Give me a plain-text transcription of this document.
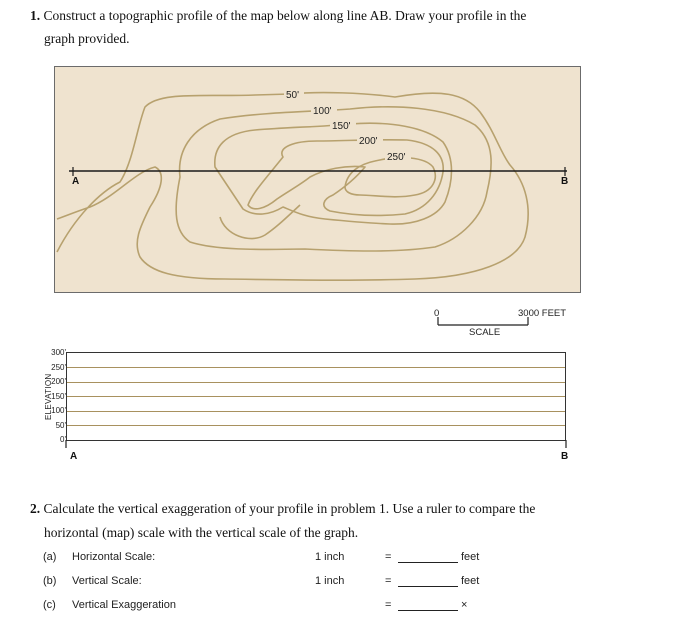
1. Construct a topographic profile of the map below along line AB. Draw your profile in the

graph provided.

50'
100'
150'
200'
250'
A	B
0	3000 FEET
SCALE
ELEVATION
300'
250'
200'
150'
100'
50'
0'
A	B

2. Calculate the vertical exaggeration of your profile in problem 1. Use a ruler to compare the

horizontal (map) scale with the vertical scale of the graph.

(a) Horizontal Scale:	1 inch	=	feet
(b) Vertical Scale:	1 inch	=	feet
(c) Vertical Exaggeration	=	×
